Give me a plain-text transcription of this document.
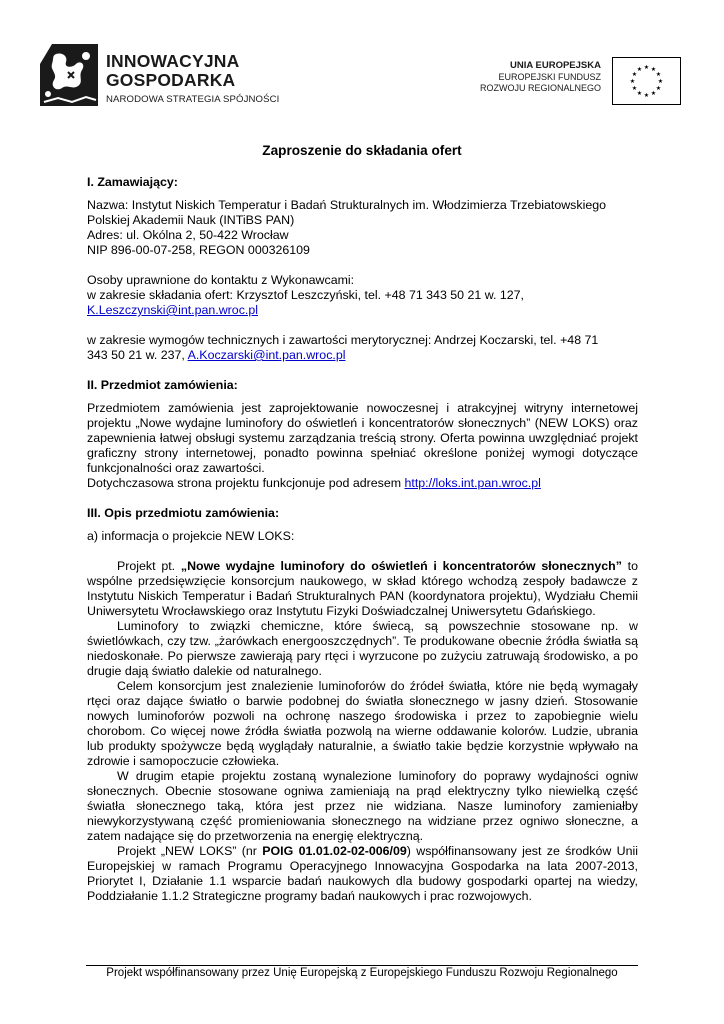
INNOWACYJNA
GOSPODARKA
NARODOWA STRATEGIA SPÓJNOŚCI
UNIA EUROPEJSKA
EUROPEJSKI FUNDUSZ
ROZWOJU REGIONALNEGO
★ ★
★
★
★
★
★
★
★
★
★
★
Zaproszenie do składania ofert

I. Zamawiający:

Nazwa: Instytut Niskich Temperatur i Badań Strukturalnych im. Włodzimierza Trzebiatowskiego

Polskiej Akademii Nauk (INTiBS PAN)

Adres: ul. Okólna 2, 50-422 Wrocław

NIP 896-00-07-258, REGON 000326109

Osoby uprawnione do kontaktu z Wykonawcami:

w zakresie składania ofert: Krzysztof Leszczyński, tel. +48 71 343 50 21 w. 127,

K.Leszczynski@int.pan.wroc.pl

w zakresie wymogów technicznych i zawartości merytorycznej: Andrzej Koczarski, tel. +48 71

343 50 21 w. 237, A.Koczarski@int.pan.wroc.pl

II. Przedmiot zamówienia:

Przedmiotem zamówienia jest zaprojektowanie nowoczesnej i atrakcyjnej witryny internetowej projektu „Nowe wydajne luminofory do oświetleń i koncentratorów słonecznych” (NEW LOKS) oraz zapewnienia łatwej obsługi systemu zarządzania treścią strony. Oferta powinna uwzględniać projekt graficzny strony internetowej, ponadto powinna spełniać określone poniżej wymogi dotyczące funkcjonalności oraz zawartości.

Dotychczasowa strona projektu funkcjonuje pod adresem http://loks.int.pan.wroc.pl

III. Opis przedmiotu zamówienia:

a) informacja o projekcie NEW LOKS:

Projekt pt. „Nowe wydajne luminofory do oświetleń i koncentratorów słonecznych” to wspólne przedsięwzięcie konsorcjum naukowego, w skład którego wchodzą zespoły badawcze z Instytutu Niskich Temperatur i Badań Strukturalnych PAN (koordynatora projektu), Wydziału Chemii Uniwersytetu Wrocławskiego oraz Instytutu Fizyki Doświadczalnej Uniwersytetu Gdańskiego.

Luminofory to związki chemiczne, które świecą, są powszechnie stosowane np. w świetlówkach, czy tzw. „żarówkach energooszczędnych”. Te produkowane obecnie źródła światła są niedoskonałe. Po pierwsze zawierają pary rtęci i wyrzucone po zużyciu zatruwają środowisko, a po drugie dają światło dalekie od naturalnego.

Celem konsorcjum jest znalezienie luminoforów do źródeł światła, które nie będą wymagały rtęci oraz dające światło o barwie podobnej do światła słonecznego w jasny dzień. Stosowanie nowych luminoforów pozwoli na ochronę naszego środowiska i przez to zapobiegnie wielu chorobom. Co więcej nowe źródła światła pozwolą na wierne oddawanie kolorów. Ludzie, ubrania lub produkty spożywcze będą wyglądały naturalnie, a światło takie będzie korzystnie wpływało na zdrowie i samopoczucie człowieka.

W drugim etapie projektu zostaną wynalezione luminofory do poprawy wydajności ogniw słonecznych. Obecnie stosowane ogniwa zamieniają na prąd elektryczny tylko niewielką część światła słonecznego taką, która jest przez nie widziana. Nasze luminofory zamieniałby niewykorzystywaną część promieniowania słonecznego na widziane przez ogniwo słoneczne, a zatem nadające się do przetworzenia na energię elektryczną.

Projekt „NEW LOKS” (nr POIG 01.01.02-02-006/09) współfinansowany jest ze środków Unii Europejskiej w ramach Programu Operacyjnego Innowacyjna Gospodarka na lata 2007-2013, Priorytet I, Działanie 1.1 wsparcie badań naukowych dla budowy gospodarki opartej na wiedzy, Poddziałanie 1.1.2 Strategiczne programy badań naukowych i prac rozwojowych.

Projekt współfinansowany przez Unię Europejską z Europejskiego Funduszu Rozwoju Regionalnego
